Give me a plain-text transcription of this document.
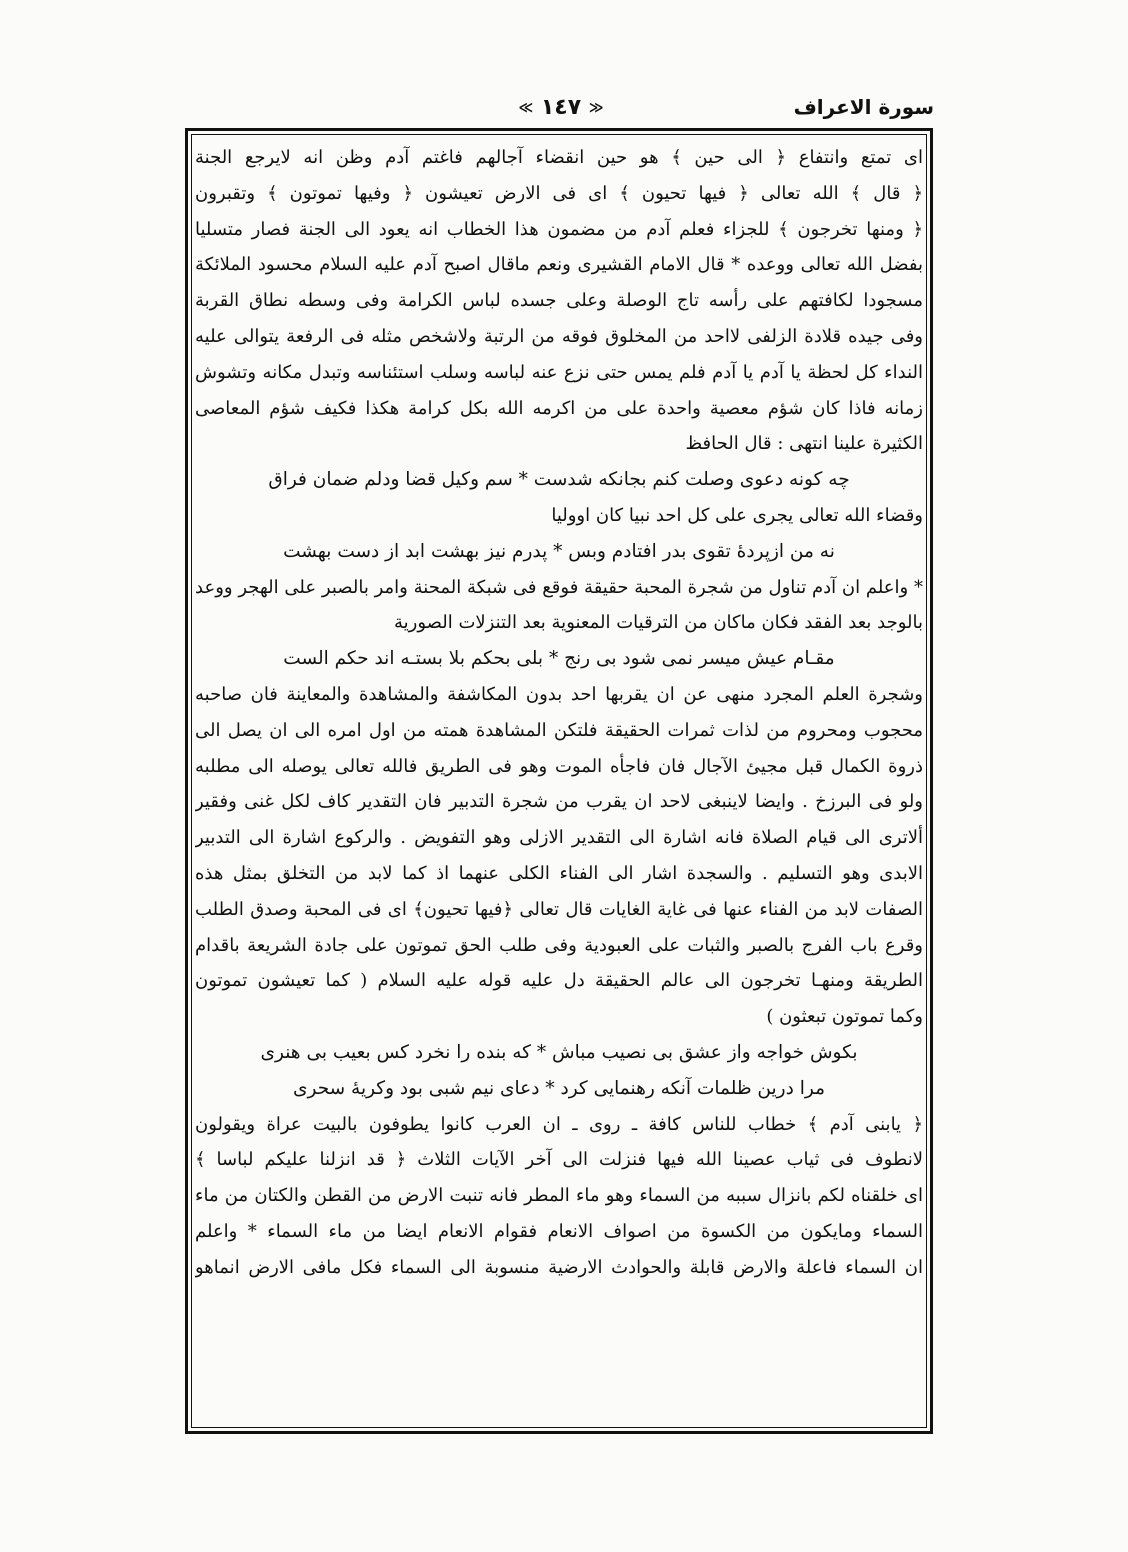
سورة الاعراف
≪ ١٤٧ ≫
اى تمتع وانتفاع ﴿ الى حين ﴾ هو حين انقضاء آجالهم فاغتم آدم وظن انه لايرجع الجنة
﴿ قال ﴾ الله تعالى ﴿ فيها تحيون ﴾ اى فى الارض تعيشون ﴿ وفيها تموتون ﴾ وتقبرون
﴿ ومنها تخرجون ﴾ للجزاء فعلم آدم من مضمون هذا الخطاب انه يعود الى الجنة فصار متسليا
بفضل الله تعالى ووعده * قال الامام القشيرى ونعم ماقال اصبح آدم عليه السلام محسود الملائكة
مسجودا لكافتهم على رأسه تاج الوصلة وعلى جسده لباس الكرامة وفى وسطه نطاق القربة
وفى جيده قلادة الزلفى لااحد من المخلوق فوقه من الرتبة ولاشخص مثله فى الرفعة يتوالى عليه
النداء كل لحظة يا آدم يا آدم فلم يمس حتى نزع عنه لباسه وسلب استئناسه وتبدل مكانه وتشوش
زمانه فاذا كان شؤم معصية واحدة على من اكرمه الله بكل كرامة هكذا فكيف شؤم المعاصى
الكثيرة علينا انتهى : قال الحافظ
چه كونه دعوى وصلت كنم بجانكه شدست * سم وكيل قضا ودلم ضمان فراق
وقضاء الله تعالى يجرى على كل احد نبيا كان اووليا
نه من ازپردهٔ تقوى بدر افتادم وبس * پدرم نيز بهشت ابد از دست بهشت
* واعلم ان آدم تناول من شجرة المحبة حقيقة فوقع فى شبكة المحنة وامر بالصبر على الهجر ووعد
بالوجد بعد الفقد فكان ماكان من الترقيات المعنوية بعد التنزلات الصورية
مقـام عيش ميسر نمى شود بى رنج * بلى بحكم بلا بستـه اند حكم الست
وشجرة العلم المجرد منهى عن ان يقربها احد بدون المكاشفة والمشاهدة والمعاينة فان صاحبه
محجوب ومحروم من لذات ثمرات الحقيقة فلتكن المشاهدة همته من اول امره الى ان يصل الى
ذروة الكمال قبل مجيئ الآجال فان فاجأه الموت وهو فى الطريق فالله تعالى يوصله الى مطلبه
ولو فى البرزخ . وايضا لاينبغى لاحد ان يقرب من شجرة التدبير فان التقدير كاف لكل غنى وفقير
ألاترى الى قيام الصلاة فانه اشارة الى التقدير الازلى وهو التفويض . والركوع اشارة الى التدبير
الابدى وهو التسليم . والسجدة اشار الى الفناء الكلى عنهما اذ كما لابد من التخلق بمثل هذه
الصفات لابد من الفناء عنها فى غاية الغايات قال تعالى ﴿فيها تحيون﴾ اى فى المحبة وصدق الطلب
وقرع باب الفرج بالصبر والثبات على العبودية وفى طلب الحق تموتون على جادة الشريعة باقدام
الطريقة ومنهـا تخرجون الى عالم الحقيقة دل عليه قوله عليه السلام ( كما تعيشون تموتون
وكما تموتون تبعثون )
بكوش خواجه واز عشق بى نصيب مباش * كه بنده را نخرد كس بعيب بى هنرى
مرا درين ظلمات آنكه رهنمايى كرد * دعاى نيم شبى بود وكريهٔ سحرى
﴿ يابنى آدم ﴾ خطاب للناس كافة ـ روى ـ ان العرب كانوا يطوفون بالبيت عراة ويقولون
لانطوف فى ثياب عصينا الله فيها فنزلت الى آخر الآيات الثلاث ﴿ قد انزلنا عليكم لباسا ﴾
اى خلقناه لكم بانزال سببه من السماء وهو ماء المطر فانه تنبت الارض من القطن والكتان من ماء
السماء ومايكون من الكسوة من اصواف الانعام فقوام الانعام ايضا من ماء السماء * واعلم
ان السماء فاعلة والارض قابلة والحوادث الارضية منسوبة الى السماء فكل مافى الارض انماهو
